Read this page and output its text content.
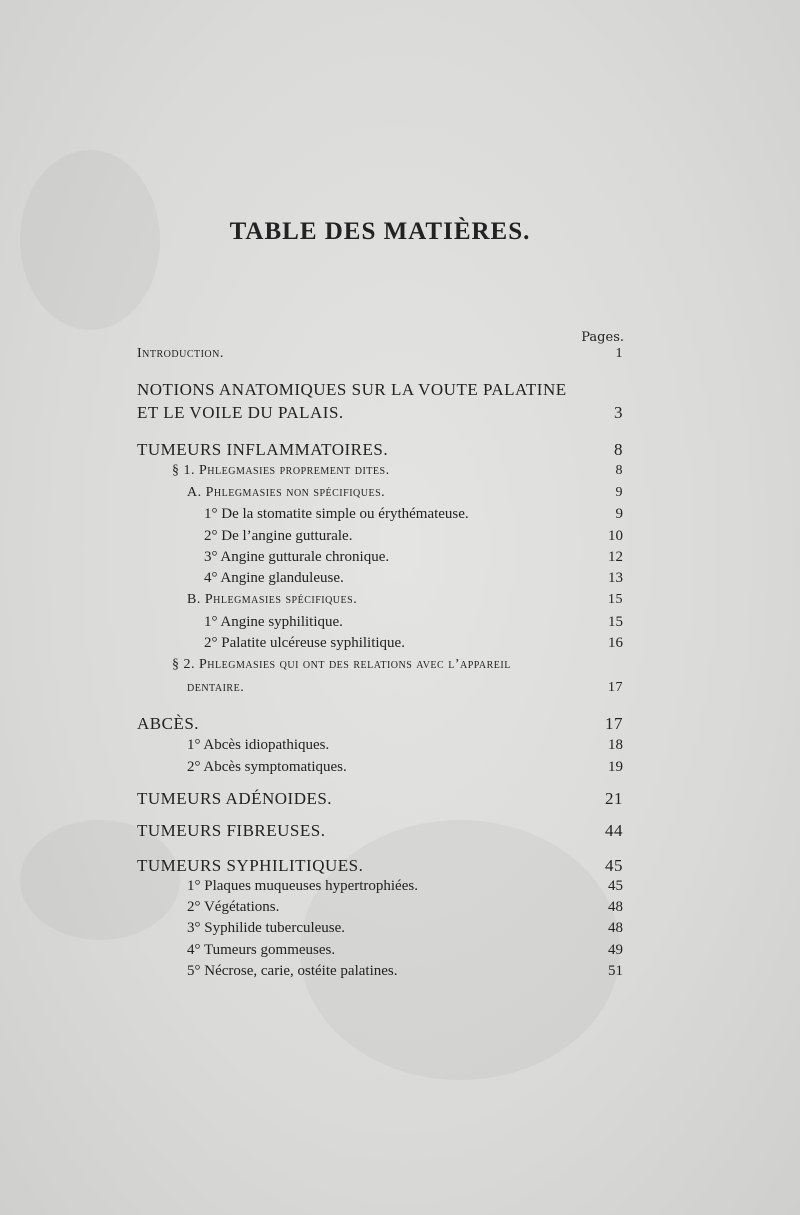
TABLE DES MATIÈRES.
Pages.
Introduction.	1
NOTIONS ANATOMIQUES SUR LA VOUTE PALATINE
ET LE VOILE DU PALAIS.	3
TUMEURS INFLAMMATOIRES.	8
§ 1. Phlegmasies proprement dites.	8
A. Phlegmasies non spécifiques.	9
1° De la stomatite simple ou érythémateuse.	9
2° De l’angine gutturale.	10
3° Angine gutturale chronique.	12
4° Angine glanduleuse.	13
B. Phlegmasies spécifiques.	15
1° Angine syphilitique.	15
2° Palatite ulcéreuse syphilitique.	16
§ 2. Phlegmasies qui ont des relations avec l’appareil
dentaire.	17
ABCÈS.	17
1° Abcès idiopathiques.	18
2° Abcès symptomatiques.	19
TUMEURS ADÉNOIDES.	21
TUMEURS FIBREUSES.	44
TUMEURS SYPHILITIQUES.	45
1° Plaques muqueuses hypertrophiées.	45
2° Végétations.	48
3° Syphilide tuberculeuse.	48
4° Tumeurs gommeuses.	49
5° Nécrose, carie, ostéite palatines.	51
